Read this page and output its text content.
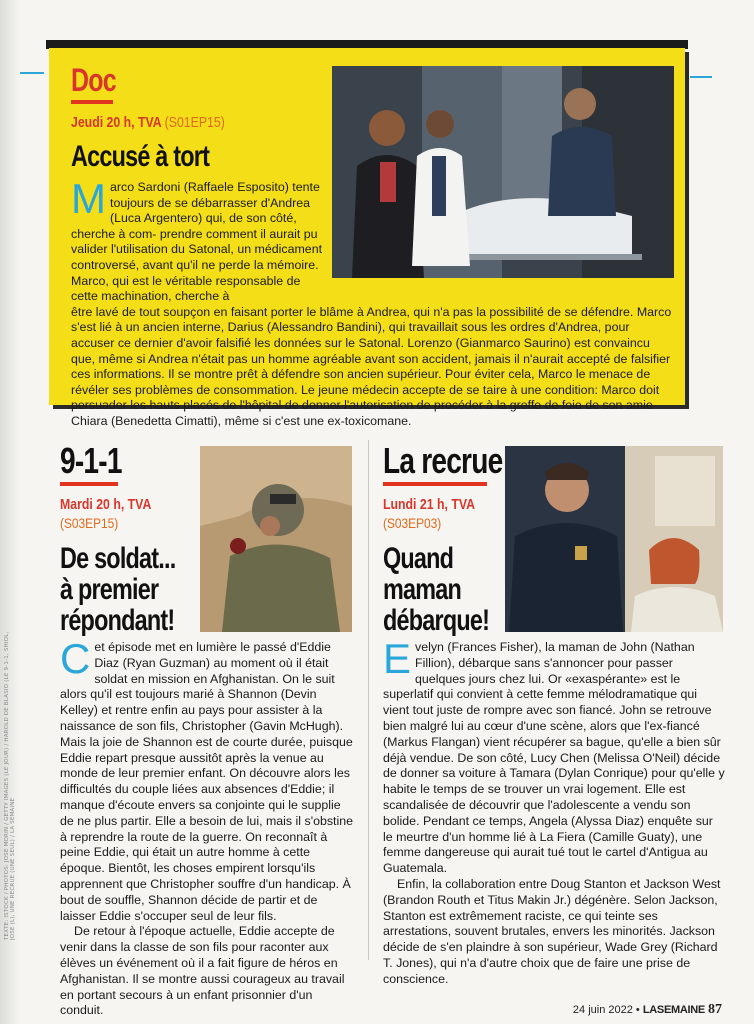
TEXTE: ISTOCK / PHOTOS: JOSE MORIN / GETTY IMAGES (LE JOUR) / HAROLD DE BLASIO (LE 9-1-1, SHIOL, JOSE (L), UNE RECRUE (UNE SEUL) / LA SEMAINE
Doc
Jeudi 20 h, TVA (S01EP15)
Accusé à tort
M arco Sardoni (Raffaele Esposito) tente toujours de se débarrasser d'Andrea (Luca Argentero) qui, de son côté, cherche à com- prendre comment il aurait pu valider l'utilisation du Satonal, un médicament controversé, avant qu'il ne perde la mémoire. Marco, qui est le véritable responsable de cette machination, cherche à
être lavé de tout soupçon en faisant porter le blâme à Andrea, qui n'a pas la possibilité de se défendre. Marco s'est lié à un ancien interne, Darius (Alessandro Bandini), qui travaillait sous les ordres d'Andrea, pour accuser ce dernier d'avoir falsifié les données sur le Satonal. Lorenzo (Gianmarco Saurino) est convaincu que, même si Andrea n'était pas un homme agréable avant son accident, jamais il n'aurait accepté de falsifier ces informations. Il se montre prêt à défendre son ancien supérieur. Pour éviter cela, Marco le menace de révéler ses problèmes de consommation. Le jeune médecin accepte de se taire à une condition: Marco doit persuader les hauts placés de l'hôpital de donner l'autorisation de procéder à la greffe de foie de son amie Chiara (Benedetta Cimatti), même si c'est une ex-toxicomane.
9-1-1
Mardi 20 h, TVA
(S03EP15)
De soldat...
à premier
répondant!

C et épisode met en lumière le passé d'Eddie Diaz (Ryan Guzman) au moment où il était soldat en mission en Afghanistan. On le suit alors qu'il est toujours marié à Shannon (Devin Kelley) et rentre enfin au pays pour assister à la naissance de son fils, Christopher (Gavin McHugh). Mais la joie de Shannon est de courte durée, puisque Eddie repart presque aussitôt après la venue au monde de leur premier enfant. On découvre alors les difficultés du couple liées aux absences d'Eddie; il manque d'écoute envers sa conjointe qui le supplie de ne plus partir. Elle a besoin de lui, mais il s'obstine à reprendre la route de la guerre. On reconnaît à peine Eddie, qui était un autre homme à cette époque. Bientôt, les choses empirent lorsqu'ils apprennent que Christopher souffre d'un handicap. À bout de souffle, Shannon décide de partir et de laisser Eddie s'occuper seul de leur fils.

De retour à l'époque actuelle, Eddie accepte de venir dans la classe de son fils pour raconter aux élèves un événement où il a fait figure de héros en Afghanistan. Il se montre aussi courageux au travail en portant secours à un enfant prisonnier d'un conduit.

La recrue
Lundi 21 h, TVA
(S03EP03)
Quand
maman
débarque!

E velyn (Frances Fisher), la maman de John (Nathan Fillion), débarque sans s'annoncer pour passer quelques jours chez lui. Or «exaspérante» est le superlatif qui convient à cette femme mélodramatique qui vient tout juste de rompre avec son fiancé. John se retrouve bien malgré lui au cœur d'une scène, alors que l'ex-fiancé (Markus Flangan) vient récupérer sa bague, qu'elle a bien sûr déjà vendue. De son côté, Lucy Chen (Melissa O'Neil) décide de donner sa voiture à Tamara (Dylan Conrique) pour qu'elle y habite le temps de se trouver un vrai logement. Elle est scandalisée de découvrir que l'adolescente a vendu son bolide. Pendant ce temps, Angela (Alyssa Diaz) enquête sur le meurtre d'un homme lié à La Fiera (Camille Guaty), une femme dangereuse qui aurait tué tout le cartel d'Antigua au Guatemala.

Enfin, la collaboration entre Doug Stanton et Jackson West (Brandon Routh et Titus Makin Jr.) dégénère. Selon Jackson, Stanton est extrêmement raciste, ce qui teinte ses arrestations, souvent brutales, envers les minorités. Jackson décide de s'en plaindre à son supérieur, Wade Grey (Richard T. Jones), qui n'a d'autre choix que de faire une prise de conscience.

24 juin 2022 • LASEMAINE 87
